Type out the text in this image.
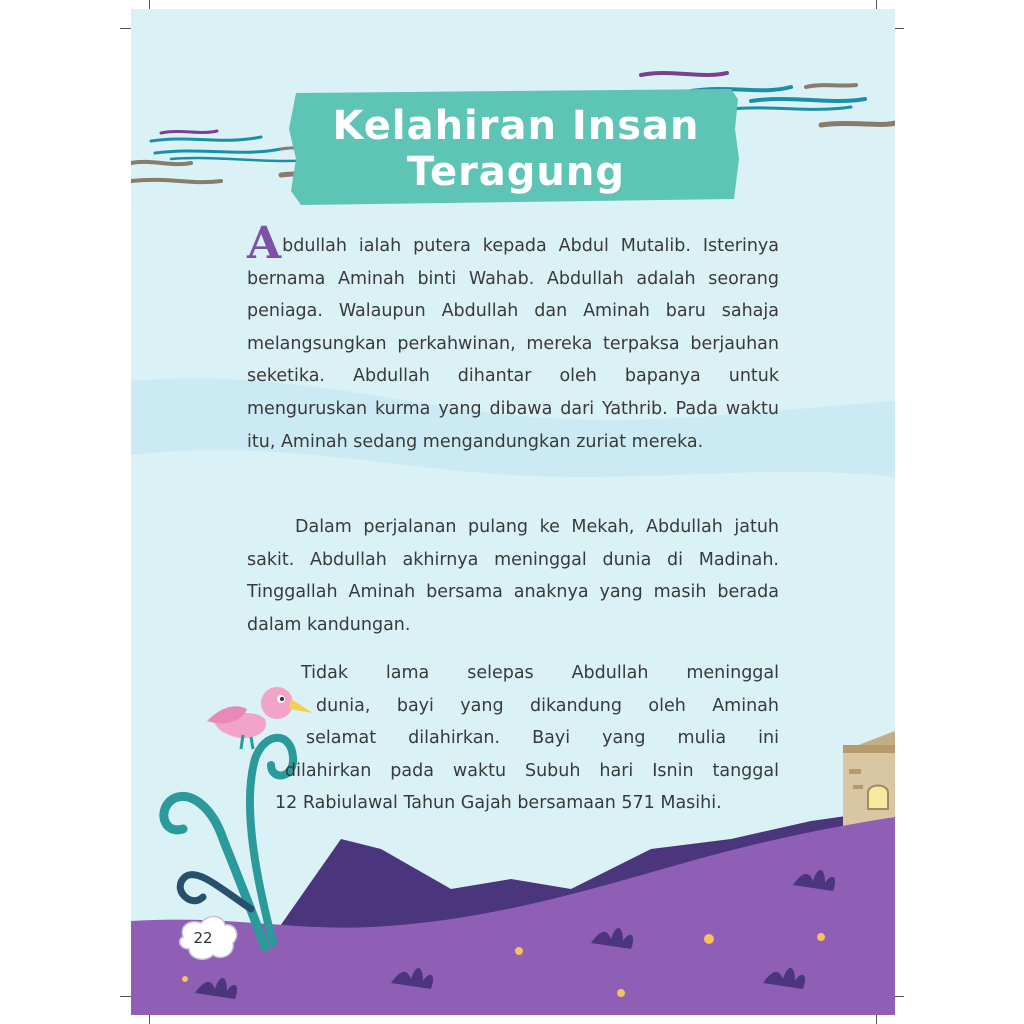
Kelahiran Insan
Teragung
Abdullah ialah putera kepada Abdul Mutalib. Isterinya bernama Aminah binti Wahab. Abdullah adalah seorang peniaga. Walaupun Abdullah dan Aminah baru sahaja melangsungkan perkahwinan, mereka terpaksa berjauhan seketika. Abdullah dihantar oleh bapanya untuk menguruskan kurma yang dibawa dari Yathrib. Pada waktu itu, Aminah sedang mengandungkan zuriat mereka.
Dalam perjalanan pulang ke Mekah, Abdullah jatuh sakit. Abdullah akhirnya meninggal dunia di Madinah. Tinggallah Aminah bersama anaknya yang masih berada dalam kandungan.
Tidak lama selepas Abdullah meninggal
dunia, bayi yang dikandung oleh Aminah
selamat dilahirkan. Bayi yang mulia ini
dilahirkan pada waktu Subuh hari Isnin tanggal
12 Rabiulawal Tahun Gajah bersamaan 571 Masihi.
22
